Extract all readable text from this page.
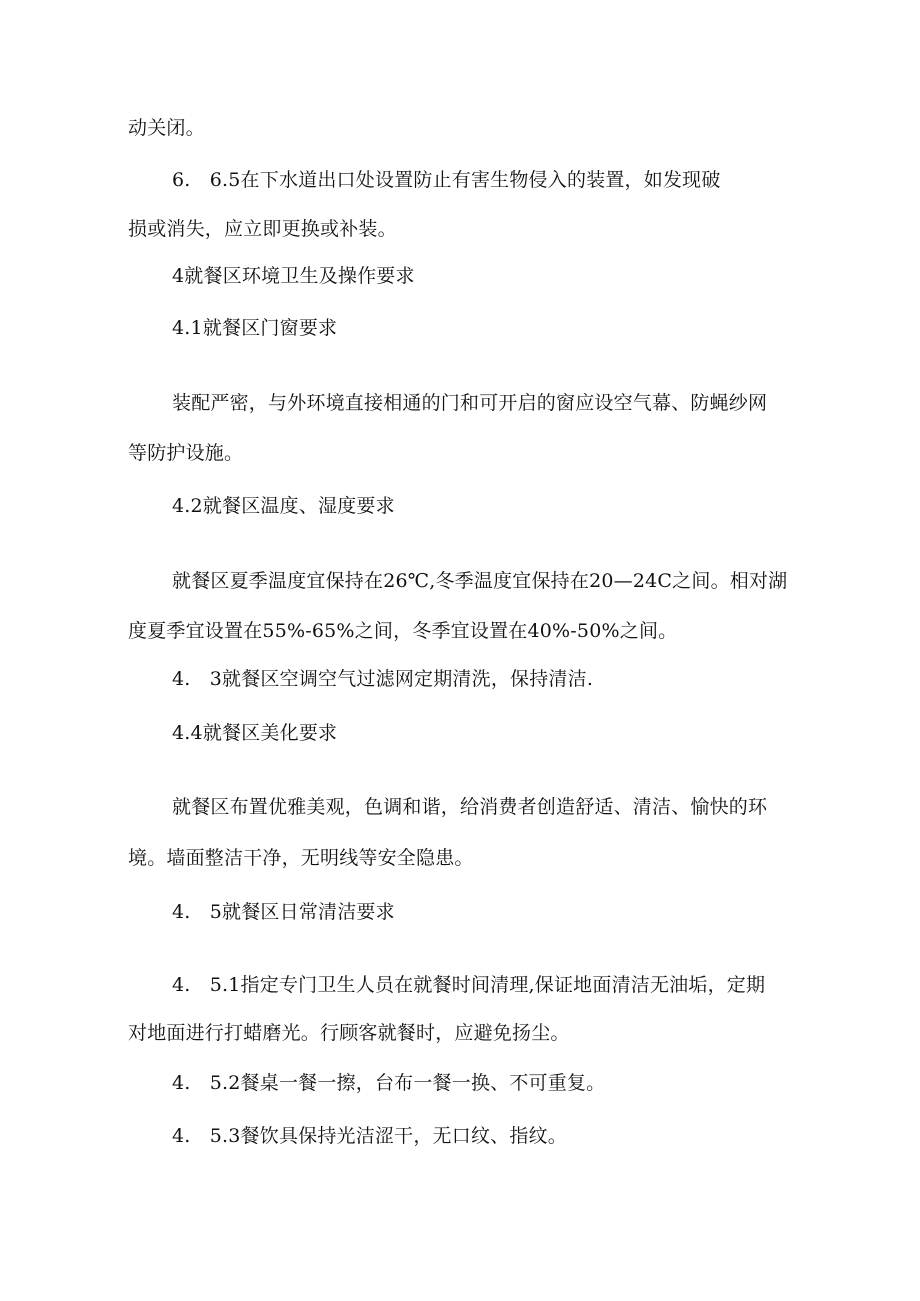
动关闭。
6.　6.5在下水道出口处设置防止有害生物侵入的装置，如发现破
损或消失，应立即更换或补装。
4就餐区环境卫生及操作要求
4.1就餐区门窗要求
装配严密，与外环境直接相通的门和可开启的窗应设空气幕、防蝇纱网
等防护设施。
4.2就餐区温度、湿度要求
就餐区夏季温度宜保持在26℃,冬季温度宜保持在20—24C之间。相对湖
度夏季宜设置在55%-65%之间，冬季宜设置在40%-50%之间。
4.　3就餐区空调空气过滤网定期清洗，保持清洁.
4.4就餐区美化要求
就餐区布置优雅美观，色调和谐，给消费者创造舒适、清洁、愉快的环
境。墙面整洁干净，无明线等安全隐患。
4.　5就餐区日常清洁要求
4.　5.1指定专门卫生人员在就餐时间清理,保证地面清洁无油垢，定期
对地面进行打蜡磨光。行顾客就餐时，应避免扬尘。
4.　5.2餐桌一餐一擦，台布一餐一换、不可重复。
4.　5.3餐饮具保持光洁涩干，无口纹、指纹。
